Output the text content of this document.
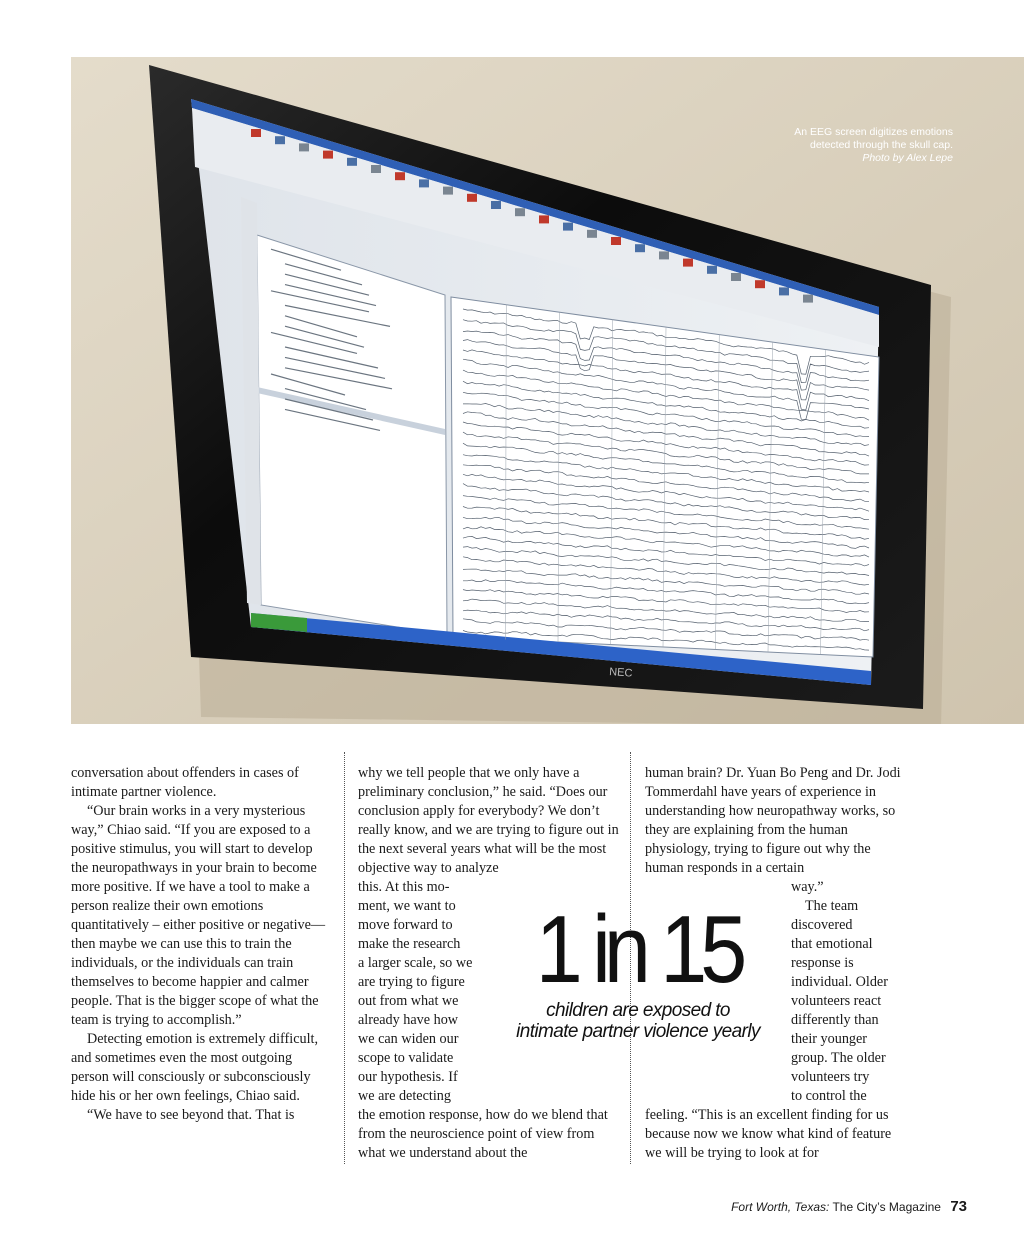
NEC
An EEG screen digitizes emotions
detected through the skull cap.
Photo by Alex Lepe

conversation about offenders in cases of intimate partner violence.

“Our brain works in a very mysterious way,” Chiao said. “If you are exposed to a positive stimulus, you will start to develop the neuropathways in your brain to become more positive. If we have a tool to make a person realize their own emotions quantitatively – either positive or negative—then maybe we can use this to train the individuals, or the individuals can train themselves to become happier and calmer people. That is the bigger scope of what the team is trying to accomplish.”

Detecting emotion is extremely difficult, and sometimes even the most outgoing person will consciously or subconsciously hide his or her own feelings, Chiao said.

“We have to see beyond that. That is

why we tell people that we only have a preliminary conclusion,” he said. “Does our conclusion apply for everybody? We don’t really know, and we are trying to figure out in the next several years what will be the most objective way to analyze

this. At this mo-
ment, we want to
move forward to
make the research
a larger scale, so we
are trying to figure
out from what we
already have how
we can widen our
scope to validate
our hypothesis. If
we are detecting

the emotion response, how do we blend that from the neuroscience point of view from what we understand about the

human brain? Dr. Yuan Bo Peng and Dr. Jodi Tommerdahl have years of experience in understanding how neuropathway works, so they are explaining from the human physiology, trying to figure out why the human responds in a certain

way.”
The team
discovered
that emotional
response is
individual. Older
volunteers react
differently than
their younger
group. The older
volunteers try
to control the

feeling. “This is an excellent finding for us because now we know what kind of feature we will be trying to look at for

1 in 15
children are exposed to
intimate partner violence yearly
Fort Worth, Texas: The City’s Magazine 73
